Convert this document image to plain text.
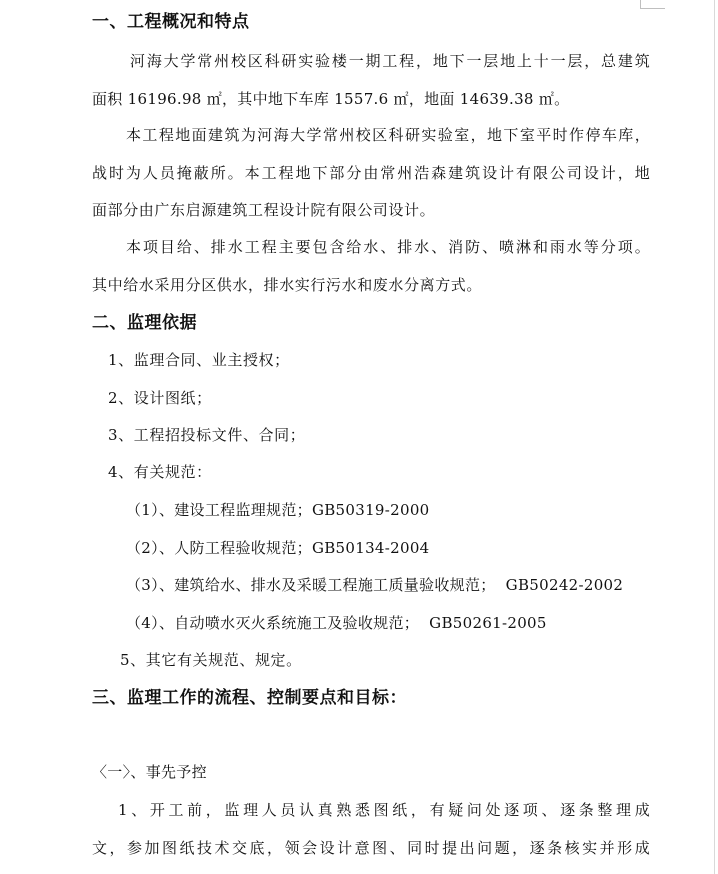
一、工程概况和特点
河海大学常州校区科研实验楼一期工程，地下一层地上十一层，总建筑
面积 16196.98 ㎡，其中地下车库 1557.6 ㎡，地面 14639.38 ㎡。
本工程地面建筑为河海大学常州校区科研实验室，地下室平时作停车库，
战时为人员掩蔽所。本工程地下部分由常州浩森建筑设计有限公司设计，地
面部分由广东启源建筑工程设计院有限公司设计。
本项目给、排水工程主要包含给水、排水、消防、喷淋和雨水等分项。
其中给水采用分区供水，排水实行污水和废水分离方式。
二、监理依据
1、监理合同、业主授权；
2、设计图纸；
3、工程招投标文件、合同；
4、有关规范：
（1）、建设工程监理规范；GB50319-2000
（2）、人防工程验收规范；GB50134-2004
（3）、建筑给水、排水及采暖工程施工质量验收规范；  GB50242-2002
（4）、自动喷水灭火系统施工及验收规范；  GB50261-2005
5、其它有关规范、规定。
三、监理工作的流程、控制要点和目标：
〈一〉、事先予控
1、开工前，监理人员认真熟悉图纸，有疑问处逐项、逐条整理成
文，参加图纸技术交底，领会设计意图、同时提出问题，逐条核实并形成
